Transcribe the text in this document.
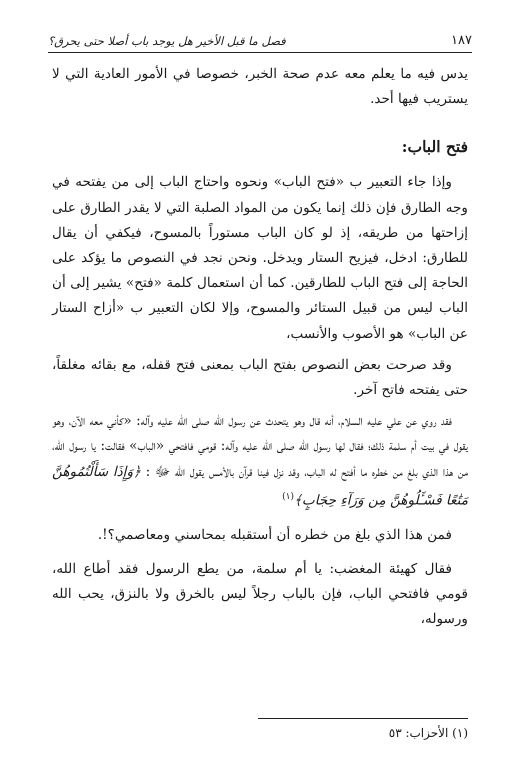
١٨٧
فصل ما قبل الأخير هل يوجد باب أصلا حتى يحرق؟

يدس فيه ما يعلم معه عدم صحة الخبر، خصوصا في الأمور العادية التي لا يستريب فيها أحد.

فتح الباب:

وإذا جاء التعبير ب «فتح الباب» ونحوه واحتاج الباب إلى من يفتحه في وجه الطارق فإن ذلك إنما يكون من المواد الصلبة التي لا يقدر الطارق على إزاحتها من طريقه، إذ لو كان الباب مستوراً بالمسوح، فيكفي أن يقال للطارق: ادخل، فيزيح الستار ويدخل. ونحن نجد في النصوص ما يؤكد على الحاجة إلى فتح الباب للطارقين. كما أن استعمال كلمة «فتح» يشير إلى أن الباب ليس من قبيل الستائر والمسوح، وإلا لكان التعبير ب «أزاح الستار عن الباب» هو الأصوب والأنسب،

وقد صرحت بعض النصوص بفتح الباب بمعنى فتح قفله، مع بقائه مغلقاً، حتى يفتحه فاتح آخر.

فقد روي عن علي عليه السلام، أنه قال وهو يتحدث عن رسول الله صلى الله عليه وآله: «كأني معه الآن، وهو يقول في بيت أم سلمة ذلك؛ فقال لها رسول الله صلى الله عليه وآله: قومي فافتحي «الباب» فقالت: يا رسول الله، من هذا الذي بلغ من خطره ما أفتح له الباب، وقد نزل فينا قرآن بالأمس يقول الله ﷻ : ﴿وَإِذَا سَأَلْتُمُوهُنَّ مَتَٰعًا فَسْـَٔلُوهُنَّ مِن وَرَآءِ حِجَابٍ﴾$^{(١)}$

فمن هذا الذي بلغ من خطره أن أستقبله بمحاسني ومعاصمي؟!.

فقال كهيئة المغضب: يا أم سلمة، من يطع الرسول فقد أطاع الله، قومي فافتحي الباب، فإن بالباب رجلاً ليس بالخرق ولا بالنزق، يحب الله ورسوله،

(١) الأحزاب: ٥٣
